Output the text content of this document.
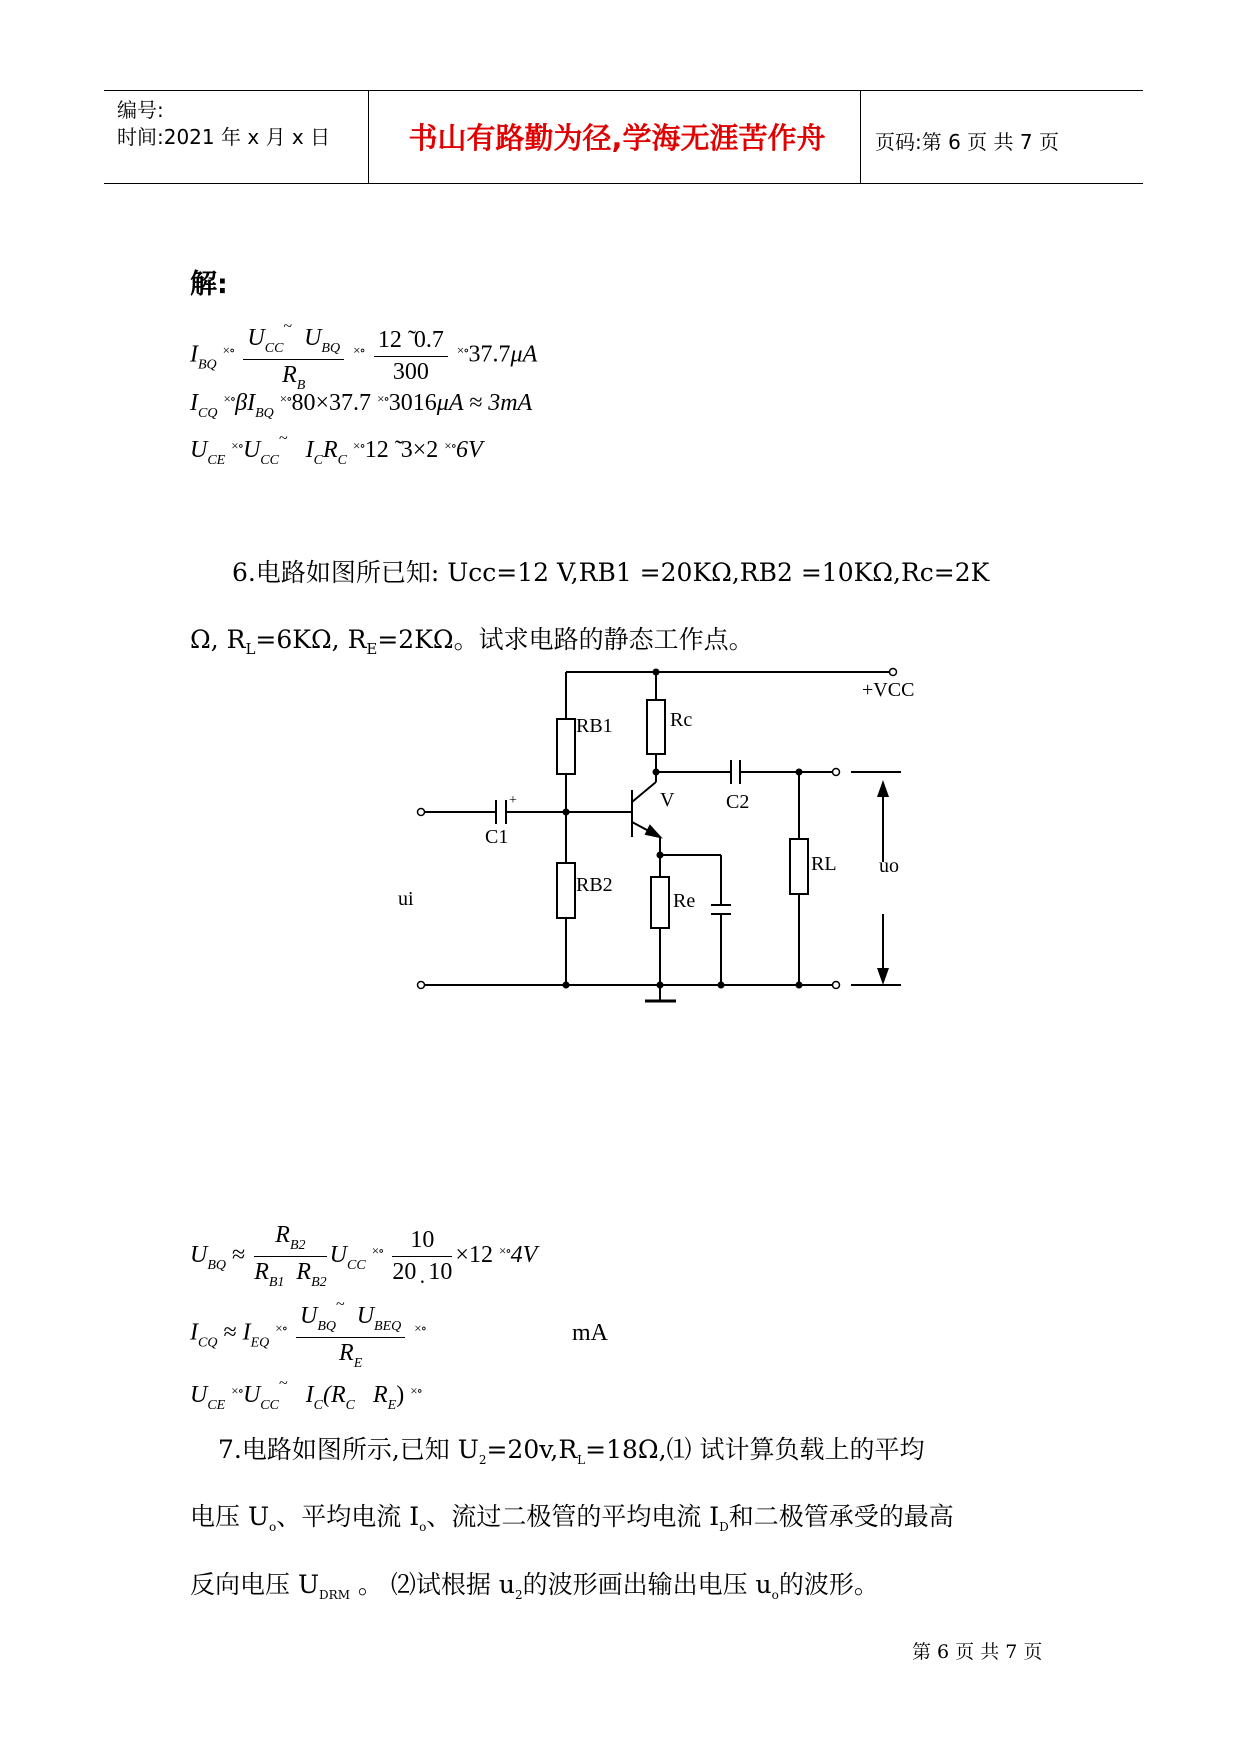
编号:
时间:2021 年 x 月 x 日	书山有路勤为径,学海无涯苦作舟	页码:第 6 页 共 7 页
解:
$I_{BQ}$ $^{\times\circ} \frac{U_{CC}^\sim U_{BQ}}{R_B} ^{\times\circ} \frac{12 ̃ 0.7}{300} ^{\times\circ}37.7\mu A$
$I_{CQ}$ $^{\times\circ}\beta I_{BQ}$ ×∘80×37.7 ×∘3016μA ≈ 3mA
$U_{CE}$ $^{\times\circ}U_{CC}^\sim$ $I_CR_C$ ×∘12 ̃ 3×2 ×∘6V
6.电路如图所已知: Ucc=12 V,RB1 =20KΩ,RB2 =10KΩ,Rc=2K
Ω, $R_L=6K\Omega$, $R_E=2K\Omega$。试求电路的静态工作点。
+VCC
RB1	Rc
V	C2
C1
+
RL uo
RB2
Re
ui
$U_{BQ} \approx \frac{R_{B2}}{R_{B1} R_{B2}} U_{CC}$ $^{\times\circ} \frac{10}{20 ̣ 10} \times 12$ ×∘4V
$I_{CQ} \approx I_{EQ}$ $^{\times\circ} \frac{U_{BQ}^\sim U_{BEQ}}{R_E} ^{\times\circ}$	mA
$U_{CE}$ $^{\times\circ}U_{CC}^\sim$ $I_C(R_C$ $R_E$) ×∘
7.电路如图所示,已知 $U_2=20v,R_L=18\Omega,⑴$ 试计算负载上的平均
电压 $U_o$、平均电流 $I_o$、流过二极管的平均电流 $I_D$和二极管承受的最高
反向电压 $U_{DRM}$ 。 ⑵试根据 $u_2$的波形画出输出电压 $u_o$的波形。
第 6 页 共 7 页
